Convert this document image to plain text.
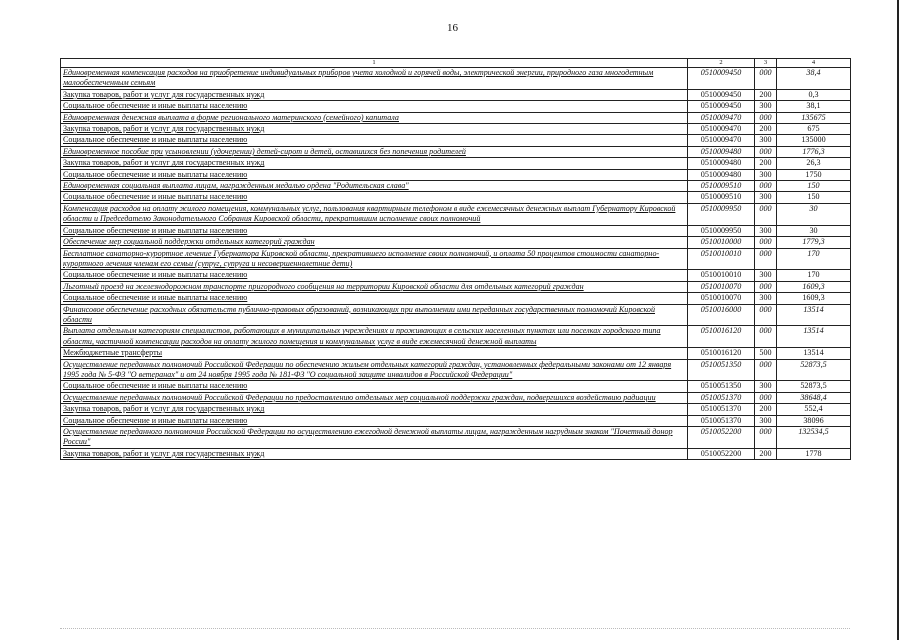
16
1	2	3	4
Единовременная компенсация расходов на приобретение индивидуальных приборов учета холодной и горячей воды, электрической энергии, природного газа многодетным малообеспеченным семьям	0510009450	000	38,4
Закупка товаров, работ и услуг для государственных нужд	0510009450	200	0,3
Социальное обеспечение и иные выплаты населению	0510009450	300	38,1
Единовременная денежная выплата в форме регионального материнского (семейного) капитала	0510009470	000	135675
Закупка товаров, работ и услуг для государственных нужд	0510009470	200	675
Социальное обеспечение и иные выплаты населению	0510009470	300	135000
Единовременное пособие при усыновлении (удочерении) детей-сирот и детей, оставшихся без попечения родителей	0510009480	000	1776,3
Закупка товаров, работ и услуг для государственных нужд	0510009480	200	26,3
Социальное обеспечение и иные выплаты населению	0510009480	300	1750
Единовременная социальная выплата лицам, награжденным медалью ордена "Родительская слава"	0510009510	000	150
Социальное обеспечение и иные выплаты населению	0510009510	300	150
Компенсация расходов на оплату жилого помещения, коммунальных услуг, пользования квартирным телефоном в виде ежемесячных денежных выплат Губернатору Кировской области и Председателю Законодательного Собрания Кировской области, прекратившим исполнение своих полномочий	0510009950	000	30
Социальное обеспечение и иные выплаты населению	0510009950	300	30
Обеспечение мер социальной поддержки отдельных категорий граждан	0510010000	000	1779,3
Бесплатное санаторно-курортное лечение Губернатора Кировской области, прекратившего исполнение своих полномочий, и оплата 50 процентов стоимости санаторно-курортного лечения членам его семьи (супруг, супруга и несовершеннолетние дети)	0510010010	000	170
Социальное обеспечение и иные выплаты населению	0510010010	300	170
Льготный проезд на железнодорожном транспорте пригородного сообщения на территории Кировской области для отдельных категорий граждан	0510010070	000	1609,3
Социальное обеспечение и иные выплаты населению	0510010070	300	1609,3
Финансовое обеспечение расходных обязательств публично-правовых образований, возникающих при выполнении ими переданных государственных полномочий Кировской области	0510016000	000	13514
Выплата отдельным категориям специалистов, работающих в муниципальных учреждениях и проживающих в сельских населенных пунктах или поселках городского типа области, частичной компенсации расходов на оплату жилого помещения и коммунальных услуг в виде ежемесячной денежной выплаты	0510016120	000	13514
Межбюджетные трансферты	0510016120	500	13514
Осуществление переданных полномочий Российской Федерации по обеспечению жильем отдельных категорий граждан, установленных федеральными законами от 12 января 1995 года № 5-ФЗ "О ветеранах" и от 24 ноября 1995 года № 181-ФЗ "О социальной защите инвалидов в Российской Федерации"	0510051350	000	52873,5
Социальное обеспечение и иные выплаты населению	0510051350	300	52873,5
Осуществление переданных полномочий Российской Федерации по предоставлению отдельных мер социальной поддержки граждан, подвергшихся воздействию радиации	0510051370	000	38648,4
Закупка товаров, работ и услуг для государственных нужд	0510051370	200	552,4
Социальное обеспечение и иные выплаты населению	0510051370	300	38096
Осуществление переданного полномочия Российской Федерации по осуществлению ежегодной денежной выплаты лицам, награжденным нагрудным знаком "Почетный донор России"	0510052200	000	132534,5
Закупка товаров, работ и услуг для государственных нужд	0510052200	200	1778
